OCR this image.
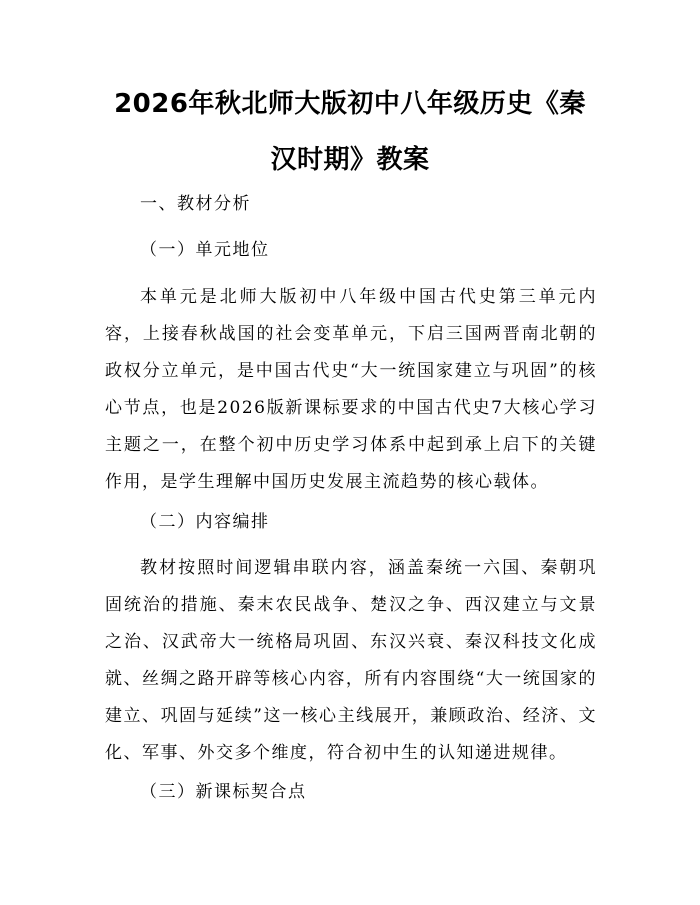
2026年秋北师大版初中八年级历史《秦汉时期》教案
一、教材分析
（一）单元地位
本单元是北师大版初中八年级中国古代史第三单元内容，上接春秋战国的社会变革单元，下启三国两晋南北朝的政权分立单元，是中国古代史“大一统国家建立与巩固”的核心节点，也是2026版新课标要求的中国古代史7大核心学习主题之一，在整个初中历史学习体系中起到承上启下的关键作用，是学生理解中国历史发展主流趋势的核心载体。
（二）内容编排
教材按照时间逻辑串联内容，涵盖秦统一六国、秦朝巩固统治的措施、秦末农民战争、楚汉之争、西汉建立与文景之治、汉武帝大一统格局巩固、东汉兴衰、秦汉科技文化成就、丝绸之路开辟等核心内容，所有内容围绕“大一统国家的建立、巩固与延续”这一核心主线展开，兼顾政治、经济、文化、军事、外交多个维度，符合初中生的认知递进规律。
（三）新课标契合点
